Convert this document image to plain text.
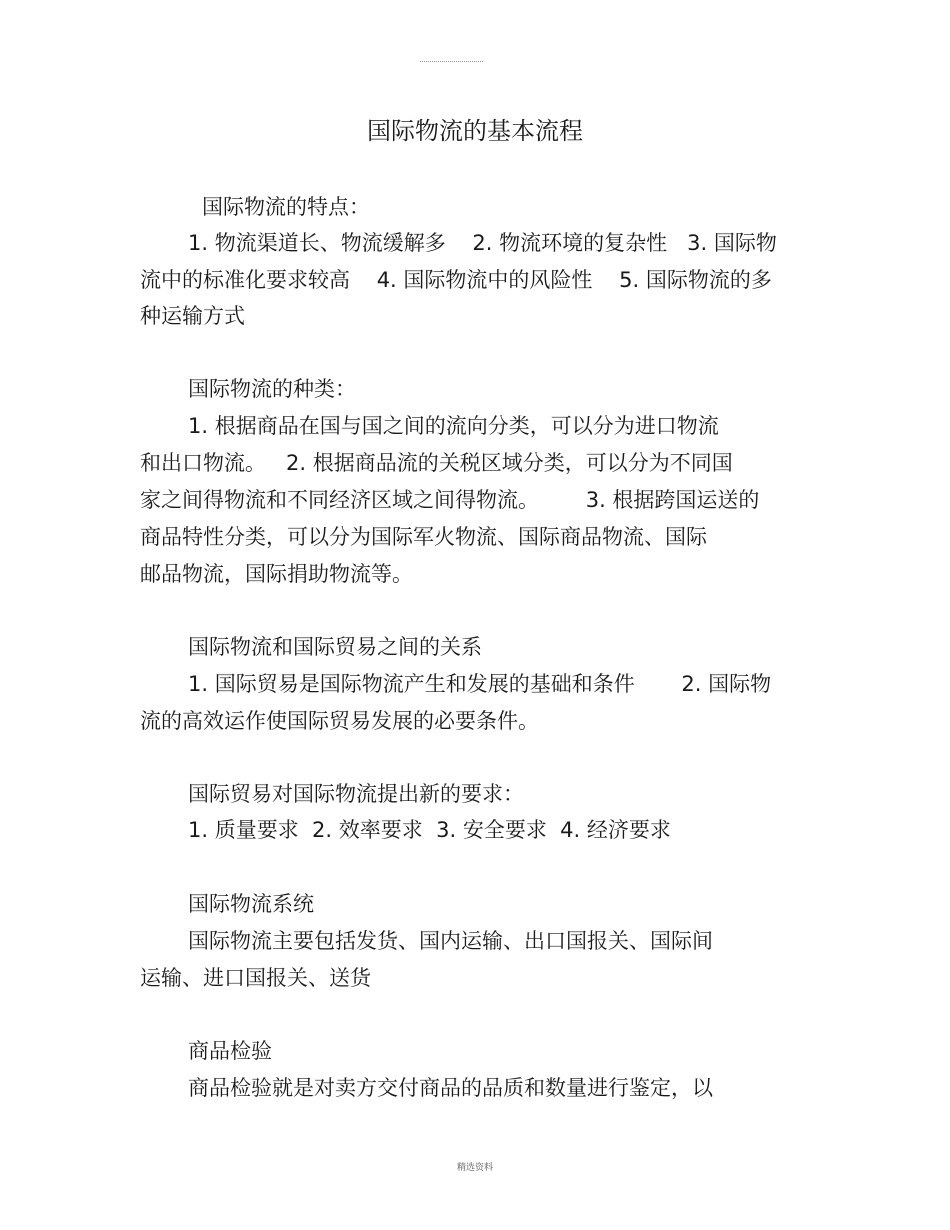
国际物流的基本流程
国际物流的特点：
1. 物流渠道长、物流缓解多    2. 物流环境的复杂性   3. 国际物
流中的标准化要求较高    4. 国际物流中的风险性    5. 国际物流的多
种运输方式
国际物流的种类：
1. 根据商品在国与国之间的流向分类，可以分为进口物流
和出口物流。   2. 根据商品流的关税区域分类，可以分为不同国
家之间得物流和不同经济区域之间得物流。       3. 根据跨国运送的
商品特性分类，可以分为国际军火物流、国际商品物流、国际
邮品物流，国际捐助物流等。
国际物流和国际贸易之间的关系
1. 国际贸易是国际物流产生和发展的基础和条件       2. 国际物
流的高效运作使国际贸易发展的必要条件。
国际贸易对国际物流提出新的要求：
1. 质量要求  2. 效率要求  3. 安全要求  4. 经济要求
国际物流系统
国际物流主要包括发货、国内运输、出口国报关、国际间
运输、进口国报关、送货
商品检验
商品检验就是对卖方交付商品的品质和数量进行鉴定，以
精选资料
